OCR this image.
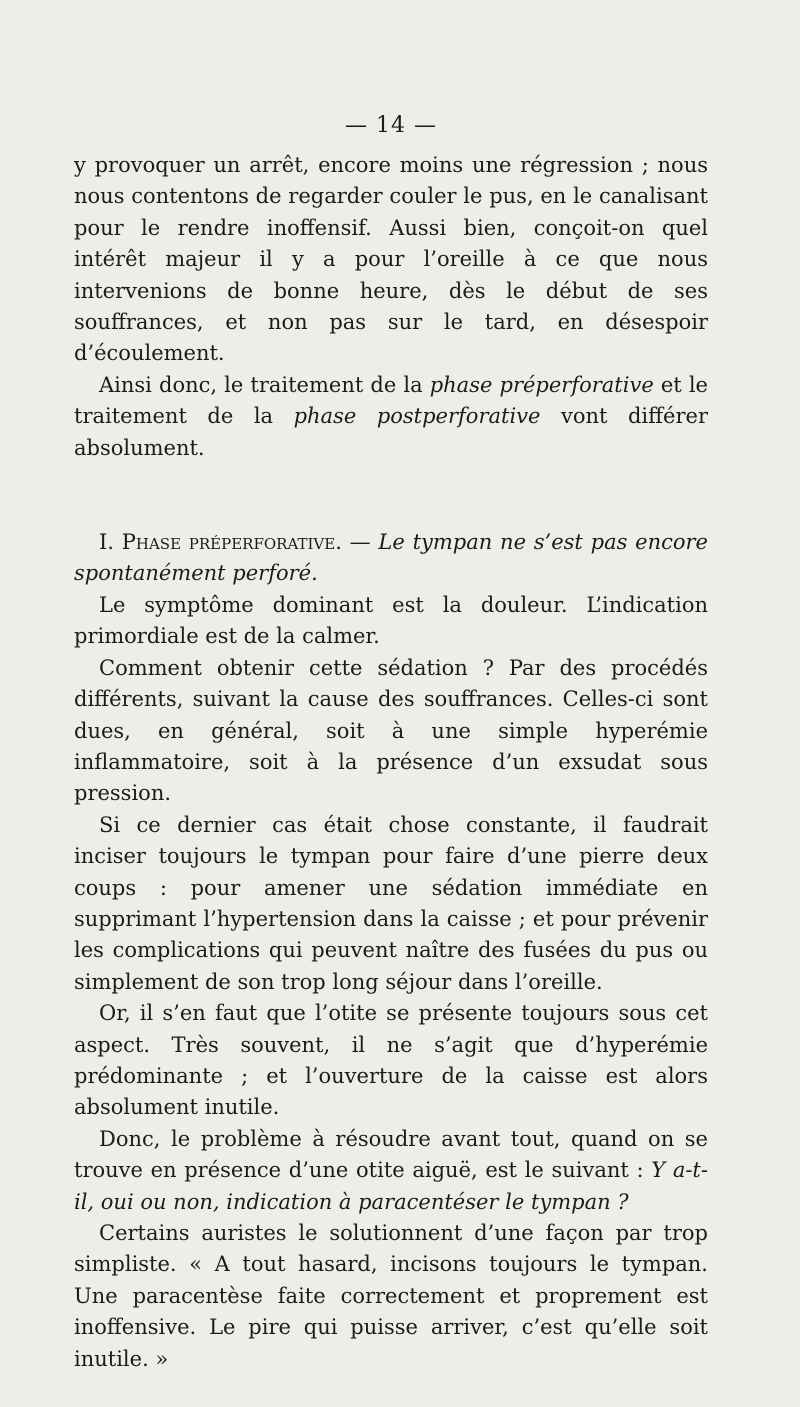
— 14 —

y provoquer un arrêt, encore moins une régression ; nous nous contentons de regarder couler le pus, en le canalisant pour le rendre inoffensif. Aussi bien, conçoit-on quel intérêt majeur il y a pour l’oreille à ce que nous intervenions de bonne heure, dès le début de ses souffrances, et non pas sur le tard, en désespoir d’écoulement.

Ainsi donc, le traitement de la phase préperforative et le traitement de la phase postperforative vont différer absolument.

I. Phase préperforative. — Le tympan ne s’est pas encore spontanément perforé.

Le symptôme dominant est la douleur. L’indication primordiale est de la calmer.

Comment obtenir cette sédation ? Par des procédés différents, suivant la cause des souffrances. Celles-ci sont dues, en général, soit à une simple hyperémie inflammatoire, soit à la présence d’un exsudat sous pression.

Si ce dernier cas était chose constante, il faudrait inciser toujours le tympan pour faire d’une pierre deux coups : pour amener une sédation immédiate en supprimant l’hypertension dans la caisse ; et pour prévenir les complications qui peuvent naître des fusées du pus ou simplement de son trop long séjour dans l’oreille.

Or, il s’en faut que l’otite se présente toujours sous cet aspect. Très souvent, il ne s’agit que d’hyperémie prédominante ; et l’ouverture de la caisse est alors absolument inutile.

Donc, le problème à résoudre avant tout, quand on se trouve en présence d’une otite aiguë, est le suivant : Y a-t-il, oui ou non, indication à paracentéser le tympan ?

Certains auristes le solutionnent d’une façon par trop simpliste. « A tout hasard, incisons toujours le tympan. Une paracentèse faite correctement et proprement est inoffensive. Le pire qui puisse arriver, c’est qu’elle soit inutile. »
